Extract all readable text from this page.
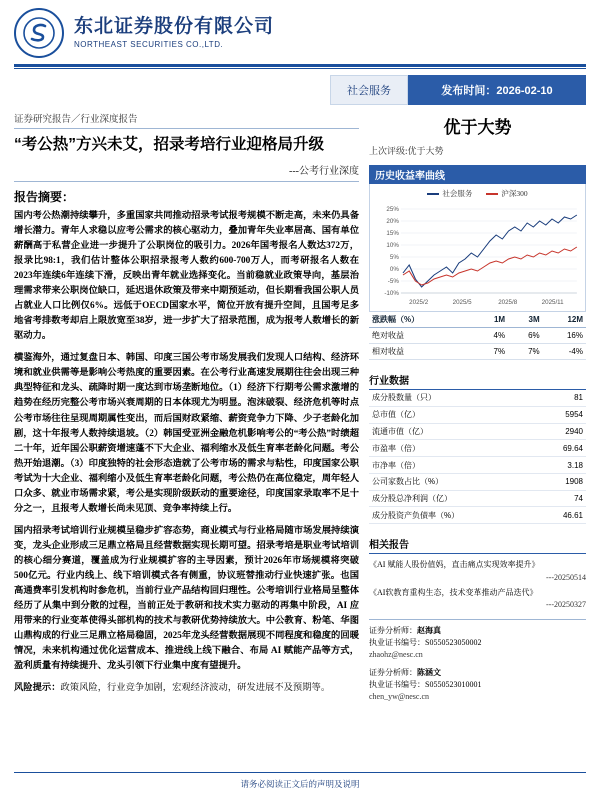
东北证券股份有限公司
NORTHEAST SECURITIES CO.,LTD.
社会服务	发布时间：2026-02-10
证券研究报告／行业深度报告
“考公热”方兴未艾，招录考培行业迎格局升级
---公考行业深度
报告摘要：

国内考公热潮持续攀升，多重国家共同推动招录考试报考规模不断走高，未来仍具备增长潜力。青年人求稳以应考公需求的核心驱动力，叠加青年失业率居高、国有单位薪酬高于私营企业进一步提升了公职岗位的吸引力。2026年国考报名人数达372万，报录比98:1，我们估计整体公职招录报考人数约600-700万人，而考研报名人数在2023年连续6年连续下滑，反映出青年就业选择变化。当前稳就业政策导向，基层治理需求带来公职岗位缺口，延迟退休政策及带来中期预延动，但长期看我国公职人员占就业人口比例仅6%。远低于OECD国家水平，简位开放有提升空间，且国考足多地省考排数考却启上限放宽至38岁，进一步扩大了招录范围，成为报考人数增长的新驱动力。

横鉴海外，通过复盘日本、韩国、印度三国公考市场发展我们发现人口结构、经济环境和就业供需等是影响公考热度的重要因素。在公考行业高速发展期往往会出现三种典型特征和龙头、疏降时期一度达到市场垄断地位。（1）经济下行期考公需求激增的趋势在经历完整公考市场兴衰周期的日本体现尤为明显。泡沫破裂、经济危机等时点公考市场往往呈现周期属性变出，而后国财政紧缩、薪资竞争力下降、少子老龄化加剧，这十年报考人数持续退坡。（2）韩国受亚洲金融危机影响考公的“考公热”时绩超二十年，近年国公职薪资增速蓬不下大企业、福利缩水及低生育率老龄化问题。考公热开始退潮。（3）印度独特的社会形态造就了公考市场的需求与粘性，印度国家公职考试为十大企业、福利缩小及低生育率老龄化问题，考公热仍在高位稳定，周年轻人口众多、就业市场需求紧，考公是实现阶级跃动的重要途径，印度国家录取率不足十分之一，且报考人数增长尚未见顶、竞争率持续上行。

国内招录考试培训行业规模呈稳步扩容态势，商业模式与行业格局随市场发展持续演变，龙头企业形成三足鼎立格局且经营数据实现长期可望。招录考培是职业考试培训的核心细分赛道，覆盖成为行业规模扩容的主导因素，预计2026年市场规模将突破500亿元。行业内线上、线下培训模式各有侧重，协议班替推动行业快速扩张。也国高通费率引发机构时参危机，当前行业产品结构回归理性。公考培训行业格局呈整体经历了从集中到分散的过程，当前正处于教研和技术实力驱动的再集中阶段，AI 应用带来的行业变革使得头部机构的技术与教研优势持续放大。中公教育、粉笔、华图山鼎构成的行业三足鼎立格局稳固，2025年龙头经营数据展现不同程度和稳度的回暖情况，未来机构通过优化运营成本、推进线上线下融合、布局 AI 赋能产品等方式，盈利质量有持续提升、龙头引领下行业集中度有望提升。

风险提示：政策风险，行业竞争加剧，宏观经济波动，研发进展不及预期等。
优于大势
上次评级:优于大势
历史收益率曲线
社会服务	沪深300
25%
20%
15%
10%
5%
0%
-5%
-10%
2025/2	2025/5	2025/8	2025/11
涨跌幅（%）	1M	3M	12M
绝对收益	4%	6%	16%
相对收益	7%	7%	-4%
行业数据
成分股数量（只）	81
总市值（亿）	5954
流通市值（亿）	2940
市盈率（倍）	69.64
市净率（倍）	3.18
公司家数占比（%）	1908
成分股总净利润（亿）	74
成分股资产负债率（%）	46.61
相关报告
《AI 赋能人股份值妈，直击痛点实现效率提升》
---20250514
《AI软教育重构生态，技术变革推动产品迭代》
---20250327
证券分析师：赵海真
执业证书编号：S0550523050002
zhaohz@nesc.cn
证券分析师：陈涵文
执业证书编号：S0550523010001
chen_yw@nesc.cn
请务必阅读正文后的声明及说明
